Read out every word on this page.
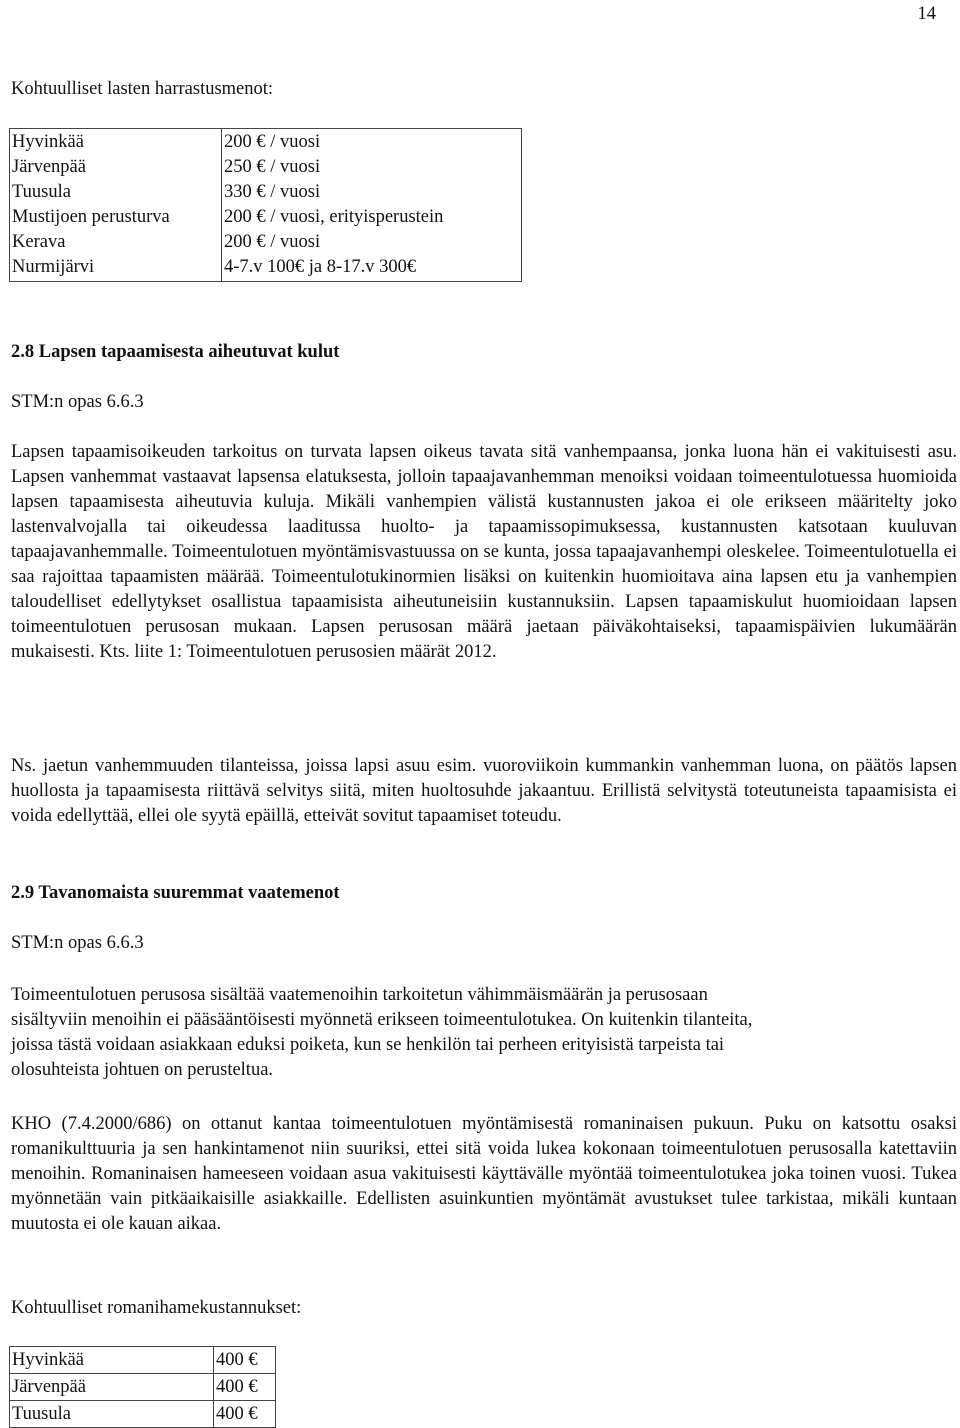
14
Kohtuulliset lasten harrastusmenot:
Hyvinkää	200 € / vuosi
Järvenpää	250 € / vuosi
Tuusula	330 € / vuosi
Mustijoen perusturva	200 € / vuosi, erityisperustein
Kerava	200 € / vuosi
Nurmijärvi	4-7.v 100€ ja 8-17.v 300€
2.8 Lapsen tapaamisesta aiheutuvat kulut
STM:n opas 6.6.3

Lapsen tapaamisoikeuden tarkoitus on turvata lapsen oikeus tavata sitä vanhempaansa, jonka luona hän ei vakituisesti asu. Lapsen vanhemmat vastaavat lapsensa elatuksesta, jolloin tapaajavanhemman menoiksi voidaan toimeentulotuessa huomioida lapsen tapaamisesta aiheutuvia kuluja. Mikäli vanhempien välistä kustannusten jakoa ei ole erikseen määritelty joko lastenvalvojalla tai oikeudessa laaditussa huolto- ja tapaamissopimuksessa, kustannusten katsotaan kuuluvan tapaajavanhemmalle. Toimeentulotuen myöntämisvastuussa on se kunta, jossa tapaajavanhempi oleskelee. Toimeentulotuella ei saa rajoittaa tapaamisten määrää. Toimeentulotukinormien lisäksi on kuitenkin huomioitava aina lapsen etu ja vanhempien taloudelliset edellytykset osallistua tapaamisista aiheutuneisiin kustannuksiin. Lapsen tapaamiskulut huomioidaan lapsen toimeentulotuen perusosan mukaan. Lapsen perusosan määrä jaetaan päiväkohtaiseksi, tapaamispäivien lukumäärän mukaisesti. Kts. liite 1: Toimeentulotuen perusosien määrät 2012.

Ns. jaetun vanhemmuuden tilanteissa, joissa lapsi asuu esim. vuoroviikoin kummankin vanhemman luona, on päätös lapsen huollosta ja tapaamisesta riittävä selvitys siitä, miten huoltosuhde jakaantuu. Erillistä selvitystä toteutuneista tapaamisista ei voida edellyttää, ellei ole syytä epäillä, etteivät sovitut tapaamiset toteudu.

2.9 Tavanomaista suuremmat vaatemenot
STM:n opas 6.6.3

Toimeentulotuen perusosa sisältää vaatemenoihin tarkoitetun vähimmäismäärän ja perusosaan

sisältyviin menoihin ei pääsääntöisesti myönnetä erikseen toimeentulotukea. On kuitenkin tilanteita,

joissa tästä voidaan asiakkaan eduksi poiketa, kun se henkilön tai perheen erityisistä tarpeista tai

olosuhteista johtuen on perusteltua.

KHO (7.4.2000/686) on ottanut kantaa toimeentulotuen myöntämisestä romaninaisen pukuun. Puku on katsottu osaksi romanikulttuuria ja sen hankintamenot niin suuriksi, ettei sitä voida lukea kokonaan toimeentulotuen perusosalla katettaviin menoihin. Romaninaisen hameeseen voidaan asua vakituisesti käyttävälle myöntää toimeentulotukea joka toinen vuosi. Tukea myönnetään vain pitkäaikaisille asiakkaille. Edellisten asuinkuntien myöntämät avustukset tulee tarkistaa, mikäli kuntaan muutosta ei ole kauan aikaa.

Kohtuulliset romanihamekustannukset:
Hyvinkää	400 €
Järvenpää	400 €
Tuusula	400 €
